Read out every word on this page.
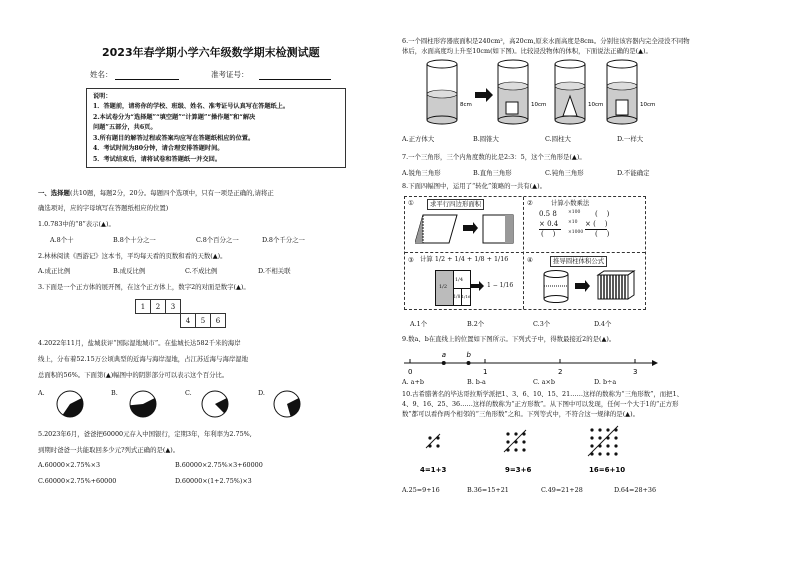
2023年春学期小学六年级数学期末检测试题
姓名：	准考证号：
说明：
1．答题前，请将你的学校、班级、姓名、准考证号认真写在答题纸上。
2.本试卷分为“选择题”“填空题”“计算题”“操作题”和“解决
问题”五部分，共6页。
3.所有题目的解答过程或答案均应写在答题纸相应的位置。
4．考试时间为80分钟，请合理安排答题时间。
5．考试结束后，请将试卷和答题纸一并交回。
一、选择题(共10题，每题2分，20分。每题四个选项中，只有一项是正确的,请将正
确选项对，应的字母填写在答题纸相应的位置)
1.0.783中的“8”表示(▲)。
A.8个十	B.8个十分之一	C.8个百分之一	D.8个千分之一
2.林林阅读《西游记》这本书，平均每天看的页数和看的天数(▲)。
A.成正比例	B.成反比例	C.不成比例	D.不相关联
3.下面是一个正方体的展开图，在这个正方体上，数字2的对面是数字(▲)。
1	2	3			
			4	5	6
4.2022年11月，盐城获评“国际湿地城市”。在盐城长达582千米的海岸
线上，分布着52.15万公顷典型的近海与海岸湿地，占江苏近海与海岸湿地
总面积的56%。下面第(▲)幅图中的阴影部分可以表示这个百分比。
A.	B.	C.	D.
5.2023年6月，爸爸把60000元存入中国银行，定期3年，年利率为2.75%,
到期时爸爸一共能取回多少元?列式正确的是(▲)。
A.60000×2.75%×3	B.60000×2.75%×3+60000
C.60000×2.75%+60000	D.60000×(1+2.75%)×3
6.一个圆柱形容器底面积是240cm²，高20cm,原来水面高度是8cm。分别往该容器内完全浸没不同物
体后，水面高度均上升至10cm(如下图)。比较浸没物体的体积，下面说法正确的是(▲)。
8cm	10cm	10cm	10cm
A.正方体大	B.圆锥大	C.圆柱大	D.一样大
7.一个三角形，三个内角度数的比是2:3：5，这个三角形是(▲)。
A.锐角三角形	B.直角三角形	C.钝角三角形	D.不能确定
8.下面四幅图中，运用了“转化”策略的一共有(▲)。
①	求平行四边形面积	②	计算小数乘法
0.5 8
× 0.4
×100
×10
×1000
(    )
× (    )
(    )
(    )
③ 计算 1/2 + 1/4 + 1/8 + 1/16
1/2
1/4
1/8 1/16
1 − 1/16
④	推导圆柱体积公式
A.1个	B.2个	C.3个	D.4个
9.数a、b在直线上的位置如下图所示。下列式子中，得数最接近2的是(▲)。
0	1	2	3
a	b
A. a+b	B. b-a	C. a×b	D. b÷a
10.古希腊著名的毕达哥拉斯学派把1、3、6、10、15、21……这样的数称为“三角形数”，而把1、
4、9、16、25、36……这样的数称为“正方形数”。从下图中可以发现，任何一个大于1的“正方形
数”都可以看作两个相邻的“三角形数”之和。下列等式中，不符合这一规律的是(▲)。
4=1+3	9=3+6	16=6+10
A.25=9+16	B.36=15+21	C.49=21+28	D.64=28+36
